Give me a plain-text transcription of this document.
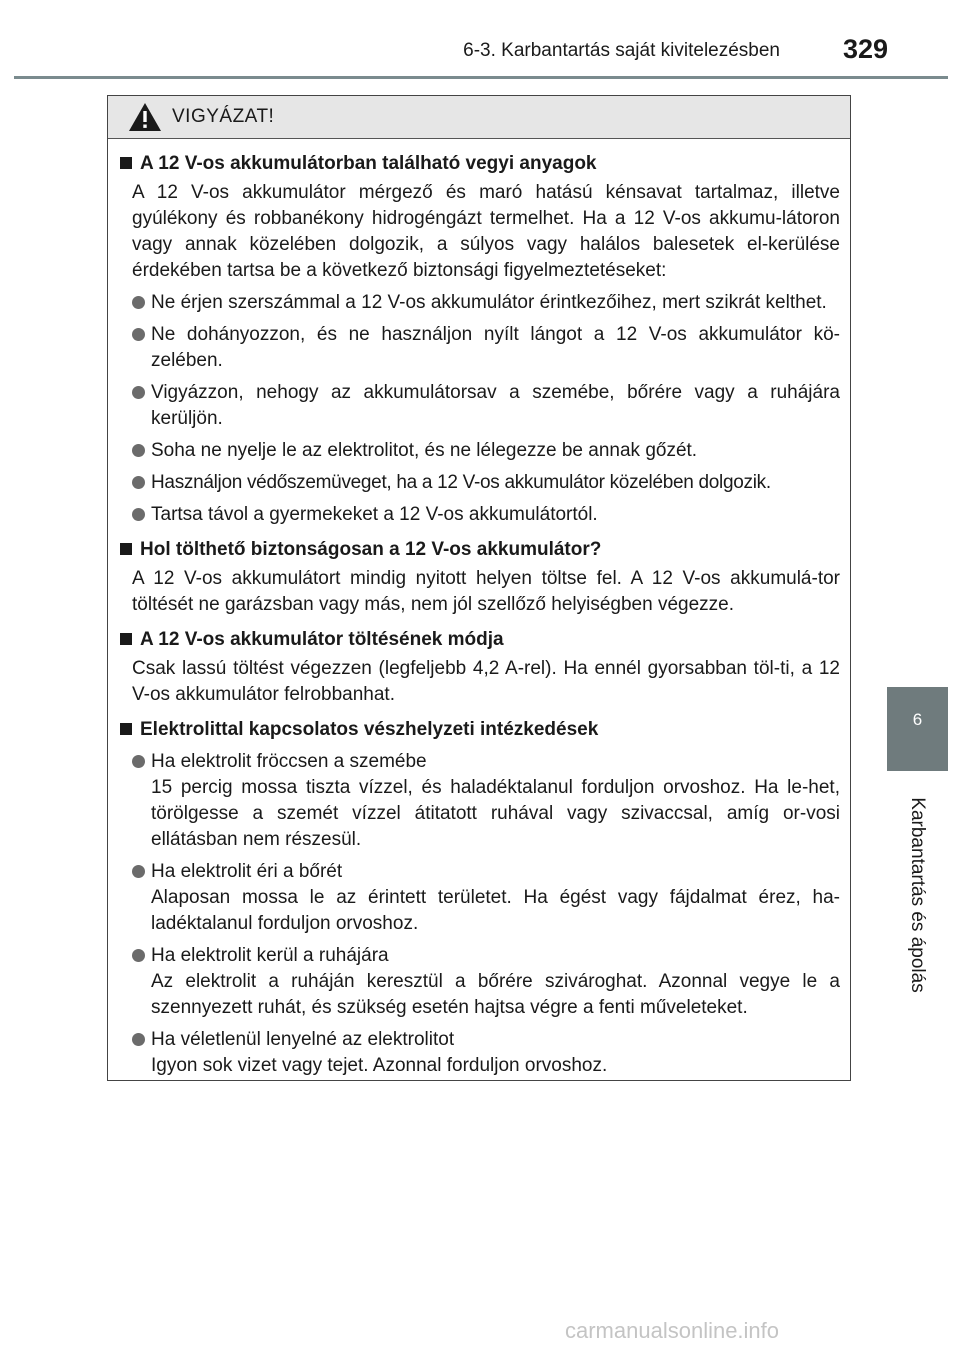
6-3. Karbantartás saját kivitelezésben	329
6
Karbantartás és ápolás
VIGYÁZAT!
A 12 V-os akkumulátorban található vegyi anyagok
A 12 V-os akkumulátor mérgező és maró hatású kénsavat tartalmaz, illetve gyúlékony és robbanékony hidrogéngázt termelhet. Ha a 12 V-os akkumu-látoron vagy annak közelében dolgozik, a súlyos vagy halálos balesetek el-kerülése érdekében tartsa be a következő biztonsági figyelmeztetéseket:
Ne érjen szerszámmal a 12 V-os akkumulátor érintkezőihez, mert szikrát kelthet.
Ne dohányozzon, és ne használjon nyílt lángot a 12 V-os akkumulátor kö-zelében.
Vigyázzon, nehogy az akkumulátorsav a szemébe, bőrére vagy a ruhájára kerüljön.
Soha ne nyelje le az elektrolitot, és ne lélegezze be annak gőzét.
Használjon védőszemüveget, ha a 12 V-os akkumulátor közelében dolgozik.
Tartsa távol a gyermekeket a 12 V-os akkumulátortól.
Hol tölthető biztonságosan a 12 V-os akkumulátor?
A 12 V-os akkumulátort mindig nyitott helyen töltse fel. A 12 V-os akkumulá-tor töltését ne garázsban vagy más, nem jól szellőző helyiségben végezze.
A 12 V-os akkumulátor töltésének módja
Csak lassú töltést végezzen (legfeljebb 4,2 A-rel). Ha ennél gyorsabban töl-ti, a 12 V-os akkumulátor felrobbanhat.
Elektrolittal kapcsolatos vészhelyzeti intézkedések
Ha elektrolit fröccsen a szemébe
15 percig mossa tiszta vízzel, és haladéktalanul forduljon orvoshoz. Ha le-het, törölgesse a szemét vízzel átitatott ruhával vagy szivaccsal, amíg or-vosi ellátásban nem részesül.
Ha elektrolit éri a bőrét
Alaposan mossa le az érintett területet. Ha égést vagy fájdalmat érez, ha-ladéktalanul forduljon orvoshoz.
Ha elektrolit kerül a ruhájára
Az elektrolit a ruháján keresztül a bőrére szivároghat. Azonnal vegye le a szennyezett ruhát, és szükség esetén hajtsa végre a fenti műveleteket.
Ha véletlenül lenyelné az elektrolitot
Igyon sok vizet vagy tejet. Azonnal forduljon orvoshoz.
carmanualsonline.info
